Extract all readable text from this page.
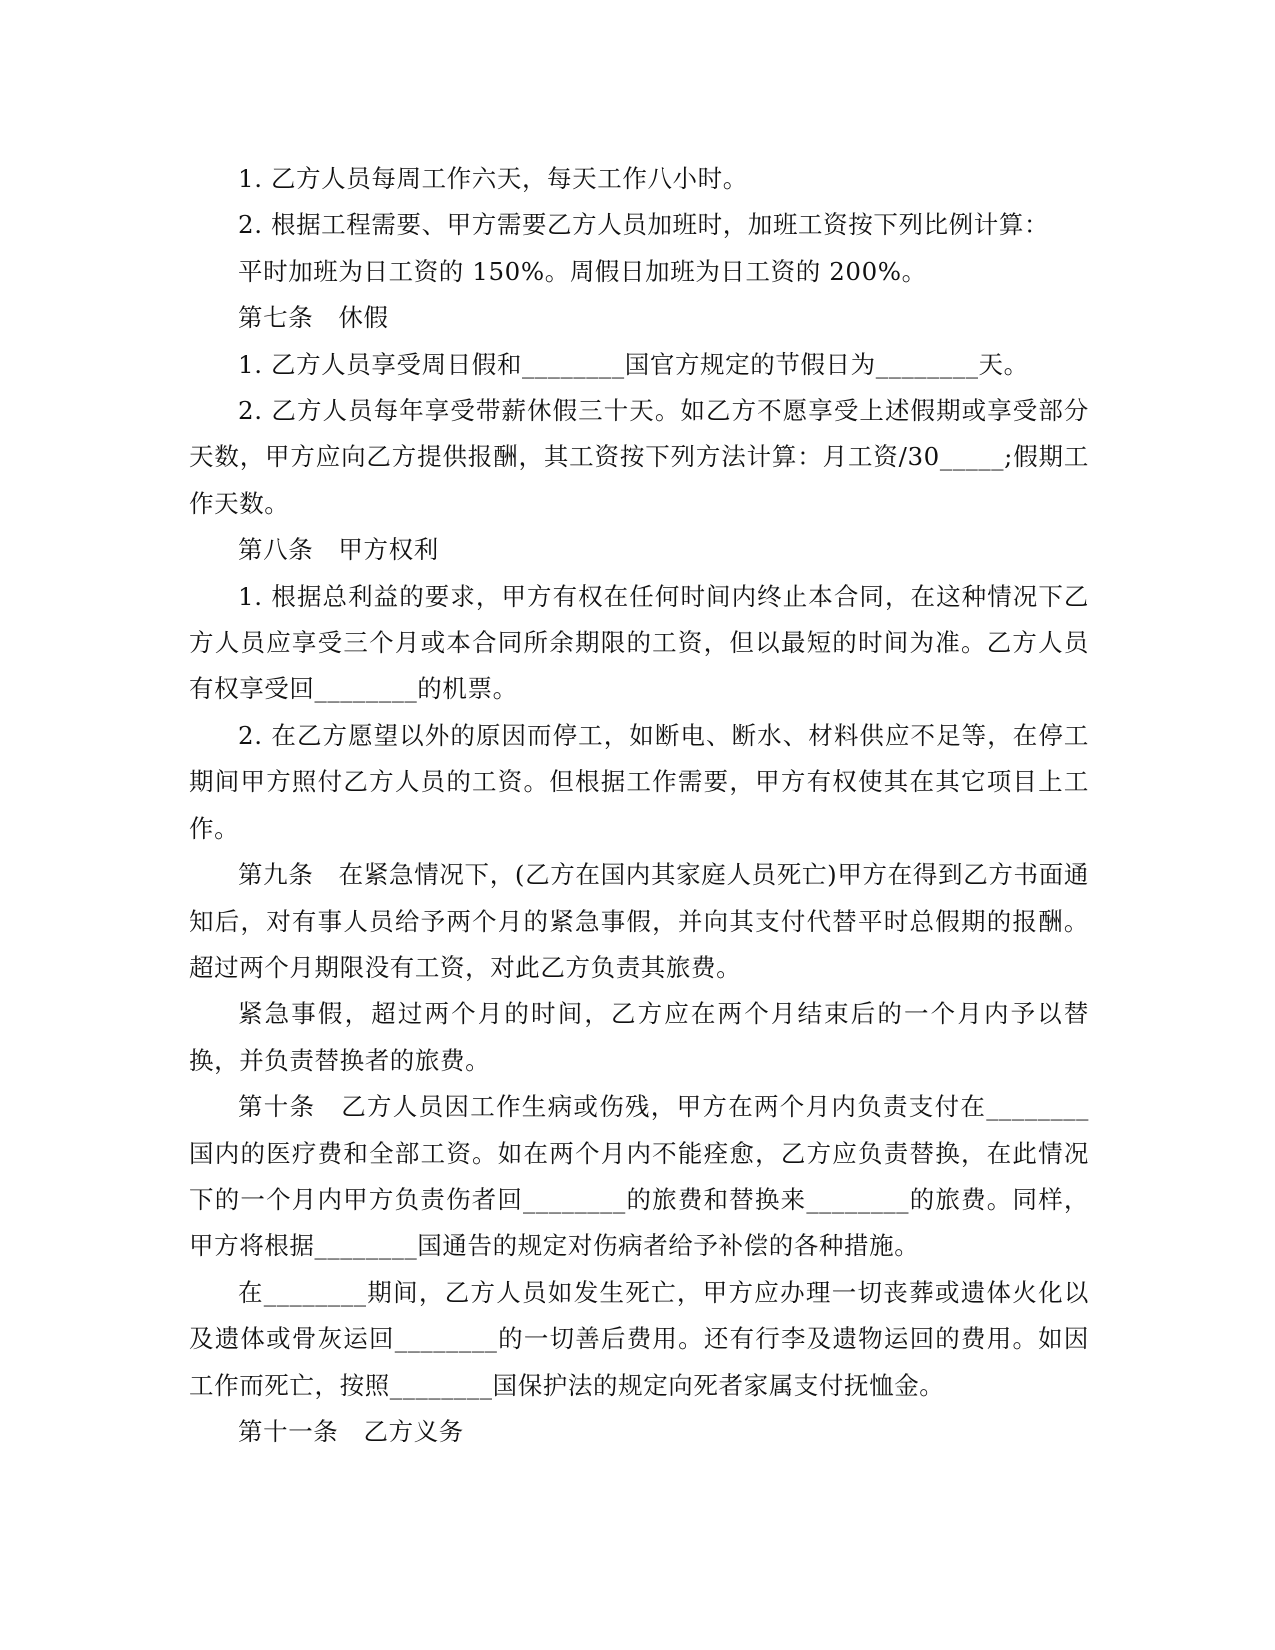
1. 乙方人员每周工作六天，每天工作八小时。

2. 根据工程需要、甲方需要乙方人员加班时，加班工资按下列比例计算：

平时加班为日工资的 150%。周假日加班为日工资的 200%。

第七条　休假

1. 乙方人员享受周日假和________国官方规定的节假日为________天。

2. 乙方人员每年享受带薪休假三十天。如乙方不愿享受上述假期或享受部分天数，甲方应向乙方提供报酬，其工资按下列方法计算：月工资/30_____;假期工作天数。

第八条　甲方权利

1. 根据总利益的要求，甲方有权在任何时间内终止本合同，在这种情况下乙方人员应享受三个月或本合同所余期限的工资，但以最短的时间为准。乙方人员有权享受回________的机票。

2. 在乙方愿望以外的原因而停工，如断电、断水、材料供应不足等，在停工期间甲方照付乙方人员的工资。但根据工作需要，甲方有权使其在其它项目上工作。

第九条　在紧急情况下，(乙方在国内其家庭人员死亡)甲方在得到乙方书面通知后，对有事人员给予两个月的紧急事假，并向其支付代替平时总假期的报酬。超过两个月期限没有工资，对此乙方负责其旅费。

紧急事假，超过两个月的时间，乙方应在两个月结束后的一个月内予以替换，并负责替换者的旅费。

第十条　乙方人员因工作生病或伤残，甲方在两个月内负责支付在________国内的医疗费和全部工资。如在两个月内不能痊愈，乙方应负责替换，在此情况下的一个月内甲方负责伤者回________的旅费和替换来________的旅费。同样，甲方将根据________国通告的规定对伤病者给予补偿的各种措施。

在________期间，乙方人员如发生死亡，甲方应办理一切丧葬或遗体火化以及遗体或骨灰运回________的一切善后费用。还有行李及遗物运回的费用。如因工作而死亡，按照________国保护法的规定向死者家属支付抚恤金。

第十一条　乙方义务
